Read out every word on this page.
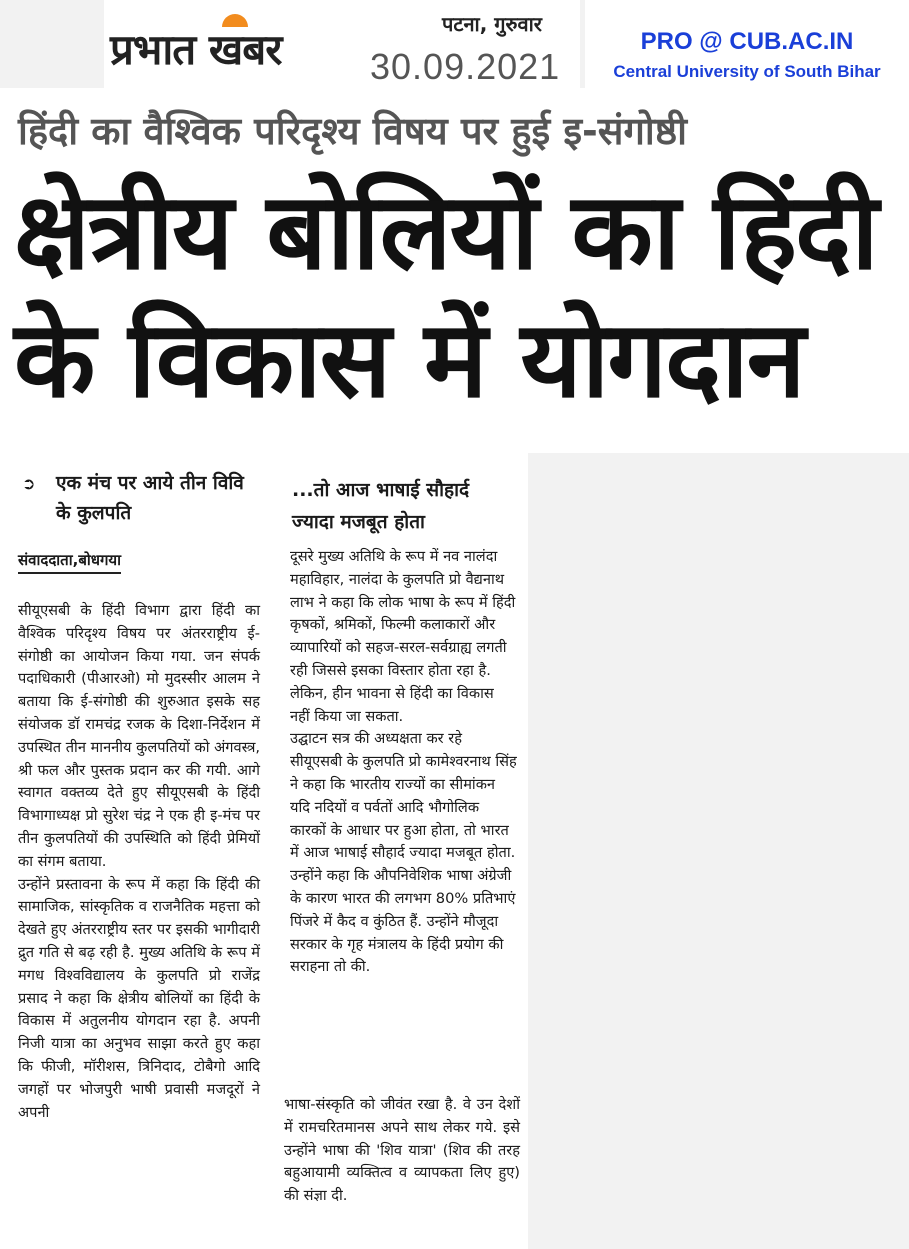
प्रभात खबर
पटना, गुरुवार
30.09.2021
PRO @ CUB.AC.IN
Central University of South Bihar
हिंदी का वैश्विक परिदृश्य विषय पर हुई इ-संगोष्ठी
क्षेत्रीय बोलियों का हिंदी के विकास में योगदान
➲ एक मंच पर आये तीन विवि के कुलपति
संवाददाता,बोधगया

सीयूएसबी के हिंदी विभाग द्वारा हिंदी का वैश्विक परिदृश्य विषय पर अंतरराष्ट्रीय ई-संगोष्ठी का आयोजन किया गया. जन संपर्क पदाधिकारी (पीआरओ) मो मुदस्सीर आलम ने बताया कि ई-संगोष्ठी की शुरुआत इसके सह संयोजक डॉ रामचंद्र रजक के दिशा-निर्देशन में उपस्थित तीन माननीय कुलपतियों को अंगवस्त्र, श्री फल और पुस्तक प्रदान कर की गयी. आगे स्वागत वक्तव्य देते हुए सीयूएसबी के हिंदी विभागाध्यक्ष प्रो सुरेश चंद्र ने एक ही इ-मंच पर तीन कुलपतियों की उपस्थिति को हिंदी प्रेमियों का संगम बताया.

उन्होंने प्रस्तावना के रूप में कहा कि हिंदी की सामाजिक, सांस्कृतिक व राजनैतिक महत्ता को देखते हुए अंतरराष्ट्रीय स्तर पर इसकी भागीदारी द्रुत गति से बढ़ रही है. मुख्य अतिथि के रूप में मगध विश्वविद्यालय के कुलपति प्रो राजेंद्र प्रसाद ने कहा कि क्षेत्रीय बोलियों का हिंदी के विकास में अतुलनीय योगदान रहा है. अपनी निजी यात्रा का अनुभव साझा करते हुए कहा कि फीजी, मॉरीशस, त्रिनिदाद, टोबैगो आदि जगहों पर भोजपुरी भाषी प्रवासी मजदूरों ने अपनी

...तो आज भाषाई सौहार्द ज्यादा मजबूत होता

दूसरे मुख्य अतिथि के रूप में नव नालंदा महाविहार, नालंदा के कुलपति प्रो वैद्यनाथ लाभ ने कहा कि लोक भाषा के रूप में हिंदी कृषकों, श्रमिकों, फिल्मी कलाकारों और व्यापारियों को सहज-सरल-सर्वग्राह्य लगती रही जिससे इसका विस्तार होता रहा है. लेकिन, हीन भावना से हिंदी का विकास नहीं किया जा सकता.

उद्घाटन सत्र की अध्यक्षता कर रहे सीयूएसबी के कुलपति प्रो कामेश्वरनाथ सिंह ने कहा कि भारतीय राज्यों का सीमांकन यदि नदियों व पर्वतों आदि भौगोलिक कारकों के आधार पर हुआ होता, तो भारत में आज भाषाई सौहार्द ज्यादा मजबूत होता. उन्होंने कहा कि औपनिवेशिक भाषा अंग्रेजी के कारण भारत की लगभग 80% प्रतिभाएं पिंजरे में कैद व कुंठित हैं. उन्होंने मौजूदा सरकार के गृह मंत्रालय के हिंदी प्रयोग की सराहना तो की.

भाषा-संस्कृति को जीवंत रखा है. वे उन देशों में रामचरितमानस अपने साथ लेकर गये. इसे उन्होंने भाषा की 'शिव यात्रा' (शिव की तरह बहुआयामी व्यक्तित्व व व्यापकता लिए हुए) की संज्ञा दी.
